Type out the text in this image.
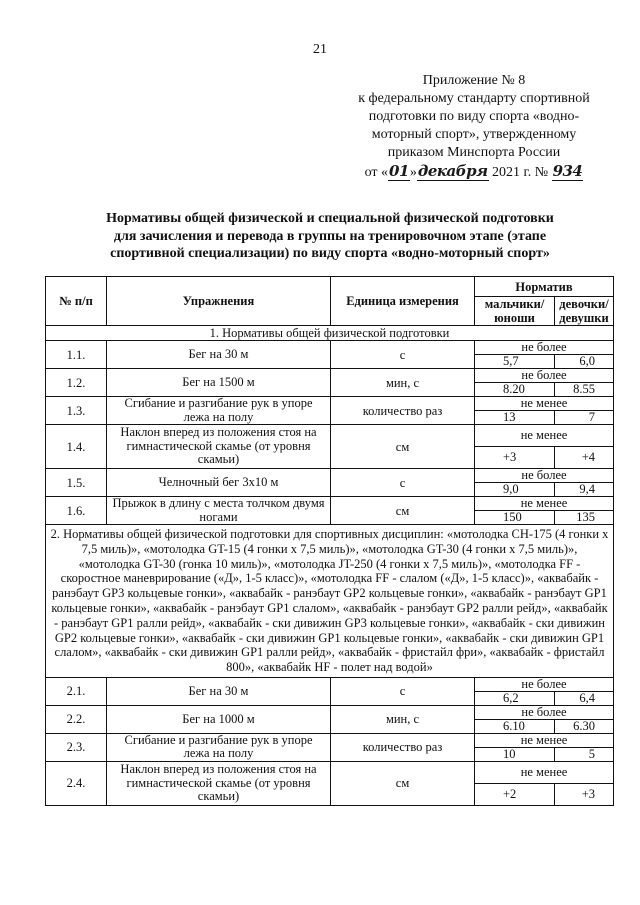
21
Приложение № 8
к федеральному стандарту спортивной
подготовки по виду спорта «водно-
моторный спорт», утвержденному
приказом Минспорта России
от «01»декабря 2021 г. № 934
Нормативы общей физической и специальной физической подготовки
для зачисления и перевода в группы на тренировочном этапе (этапе
спортивной специализации) по виду спорта «водно-моторный спорт»
№ п/п	Упражнения	Единица измерения	Норматив	
			мальчики/ юноши	девочки/ девушки
1. Нормативы общей физической подготовки				
1.1.	Бег на 30 м	с	не более	
			5,7	6,0
1.2.	Бег на 1500 м	мин, с	не более	
			8.20	8.55
1.3.	Сгибание и разгибание рук в упоре лежа на полу	количество раз	не менее	
			13	7
1.4.	Наклон вперед из положения стоя на гимнастической скамье (от уровня скамьи)	см	не менее	
			+3	+4
1.5.	Челночный бег 3x10 м	с	не более	
			9,0	9,4
1.6.	Прыжок в длину с места толчком двумя ногами	см	не менее	
			150	135
2. Нормативы общей физической подготовки для спортивных дисциплин: «мотолодка СН-175 (4 гонки х 7,5 миль)», «мотолодка GT-15 (4 гонки х 7,5 миль)», «мотолодка GT-30 (4 гонки х 7,5 миль)», «мотолодка GT-30 (гонка 10 миль)», «мотолодка JT-250 (4 гонки х 7,5 миль)», «мотолодка FF - скоростное маневрирование («Д», 1-5 класс)», «мотолодка FF - слалом («Д», 1-5 класс)», «аквабайк - ранэбаут GP3 кольцевые гонки», «аквабайк - ранэбаут GP2 кольцевые гонки», «аквабайк - ранэбаут GP1 кольцевые гонки», «аквабайк - ранэбаут GP1 слалом», «аквабайк - ранэбаут GP2 ралли рейд», «аквабайк - ранэбаут GP1 ралли рейд», «аквабайк - ски дивижин GP3 кольцевые гонки», «аквабайк - ски дивижин GP2 кольцевые гонки», «аквабайк - ски дивижин GP1 кольцевые гонки», «аквабайк - ски дивижин GP1 слалом», «аквабайк - ски дивижин GP1 ралли рейд», «аквабайк - фристайл фри», «аквабайк - фристайл 800», «аквабайк HF - полет над водой»				
2.1.	Бег на 30 м	с	не более	
			6,2	6,4
2.2.	Бег на 1000 м	мин, с	не более	
			6.10	6.30
2.3.	Сгибание и разгибание рук в упоре лежа на полу	количество раз	не менее	
			10	5
2.4.	Наклон вперед из положения стоя на гимнастической скамье (от уровня скамьи)	см	не менее	
			+2	+3
